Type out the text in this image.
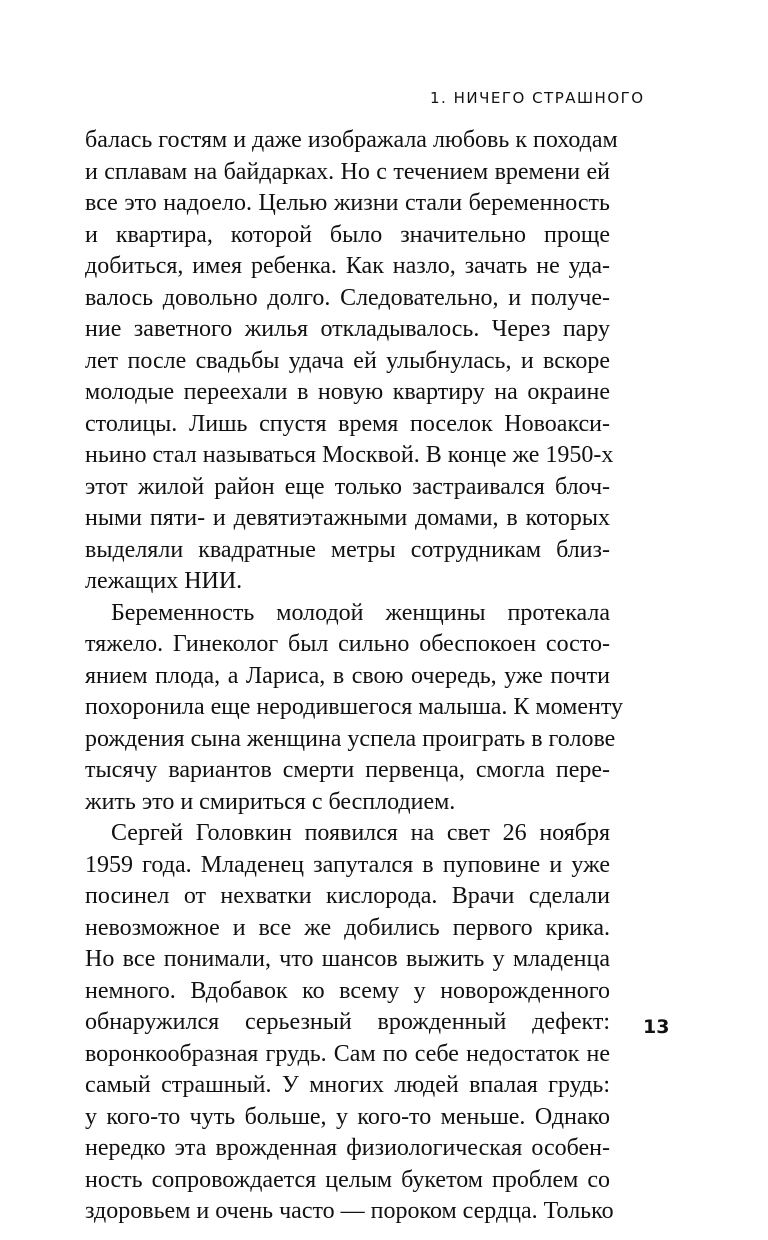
1. НИЧЕГО СТРАШНОГО
балась гостям и даже изображала любовь к походам
и сплавам на байдарках. Но с течением времени ей
все это надоело. Целью жизни стали беременность
и квартира, которой было значительно проще
добиться, имея ребенка. Как назло, зачать не уда-
валось довольно долго. Следовательно, и получе-
ние заветного жилья откладывалось. Через пару
лет после свадьбы удача ей улыбнулась, и вскоре
молодые переехали в новую квартиру на окраине
столицы. Лишь спустя время поселок Новоакси-
ньино стал называться Москвой. В конце же 1950-х
этот жилой район еще только застраивался блоч-
ными пяти- и девятиэтажными домами, в которых
выделяли квадратные метры сотрудникам близ-
лежащих НИИ.
Беременность молодой женщины протекала
тяжело. Гинеколог был сильно обеспокоен состо-
янием плода, а Лариса, в свою очередь, уже почти
похоронила еще неродившегося малыша. К моменту
рождения сына женщина успела проиграть в голове
тысячу вариантов смерти первенца, смогла пере-
жить это и смириться с бесплодием.
Сергей Головкин появился на свет 26 ноября
1959 года. Младенец запутался в пуповине и уже
посинел от нехватки кислорода. Врачи сделали
невозможное и все же добились первого крика.
Но все понимали, что шансов выжить у младенца
немного. Вдобавок ко всему у новорожденного
обнаружился серьезный врожденный дефект:
воронкообразная грудь. Сам по себе недостаток не
самый страшный. У многих людей впалая грудь:
у кого-то чуть больше, у кого-то меньше. Однако
нередко эта врожденная физиологическая особен-
ность сопровождается целым букетом проблем со
здоровьем и очень часто — пороком сердца. Только
13
